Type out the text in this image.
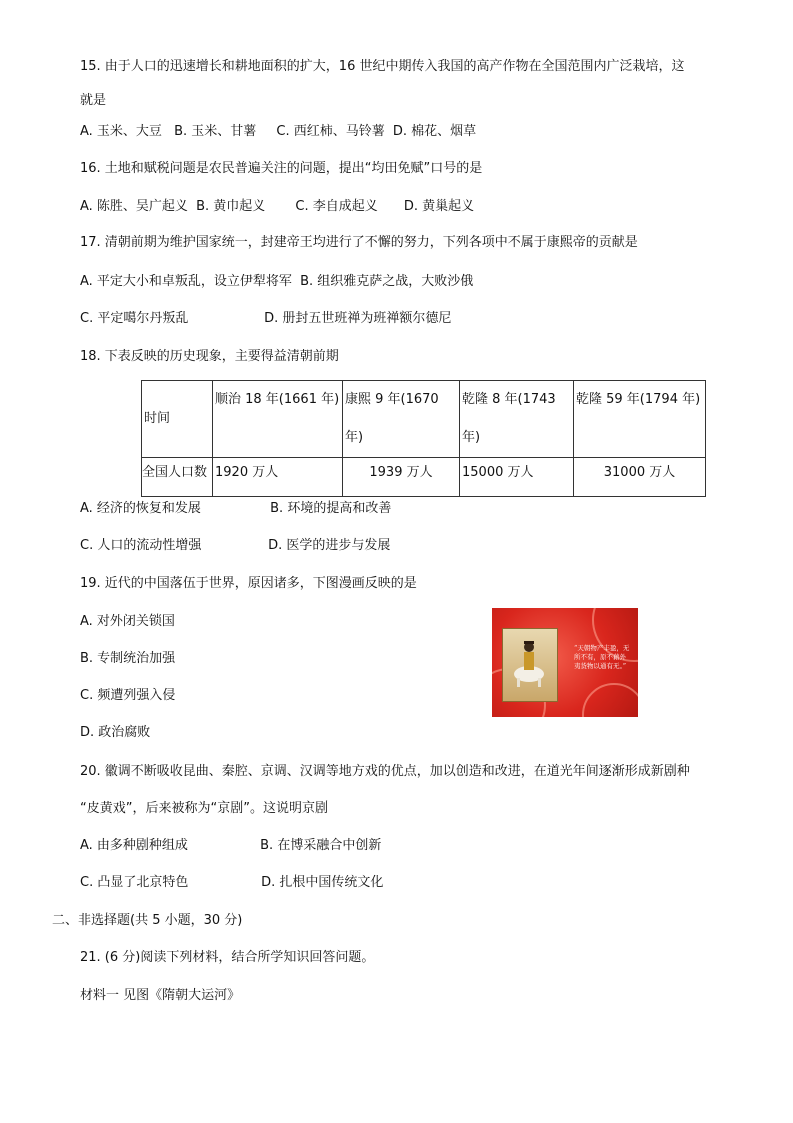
15. 由于人口的迅速增长和耕地面积的扩大，16 世纪中期传入我国的高产作物在全国范围内广泛栽培，这
就是
A. 玉米、大豆 B. 玉米、甘薯 C. 西红柿、马铃薯 D. 棉花、烟草
16. 土地和赋税问题是农民普遍关注的问题，提出“均田免赋”口号的是
A. 陈胜、吴广起义 B. 黄巾起义 C. 李自成起义 D. 黄巢起义
17. 清朝前期为维护国家统一，封建帝王均进行了不懈的努力，下列各项中不属于康熙帝的贡献是
A. 平定大小和卓叛乱，设立伊犁将军 B. 组织雅克萨之战，大败沙俄
C. 平定噶尔丹叛乱	D. 册封五世班禅为班禅额尔德尼
18. 下表反映的历史现象，主要得益清朝前期
时间	顺治 18 年(1661 年)	康熙 9 年(1670 年)	乾隆 8 年(1743 年)	乾隆 59 年(1794 年)

全国人口数	1920 万人	1939 万人	15000 万人	31000 万人
A. 经济的恢复和发展	B. 环境的提高和改善
C. 人口的流动性增强	D. 医学的进步与发展
19. 近代的中国落伍于世界，原因诸多，下图漫画反映的是
A. 对外闭关锁国
B. 专制统治加强
C. 频遭列强入侵
D. 政治腐败
“天朝物产丰盈，无所不有，原不藉外夷货物以通有无。”
20. 徽调不断吸收昆曲、秦腔、京调、汉调等地方戏的优点，加以创造和改进，在道光年间逐渐形成新剧种
“皮黄戏”，后来被称为“京剧”。这说明京剧
A. 由多种剧种组成	B. 在博采融合中创新
C. 凸显了北京特色	D. 扎根中国传统文化
二、非选择题(共 5 小题，30 分)
21. (6 分)阅读下列材料，结合所学知识回答问题。
材料一 见图《隋朝大运河》
